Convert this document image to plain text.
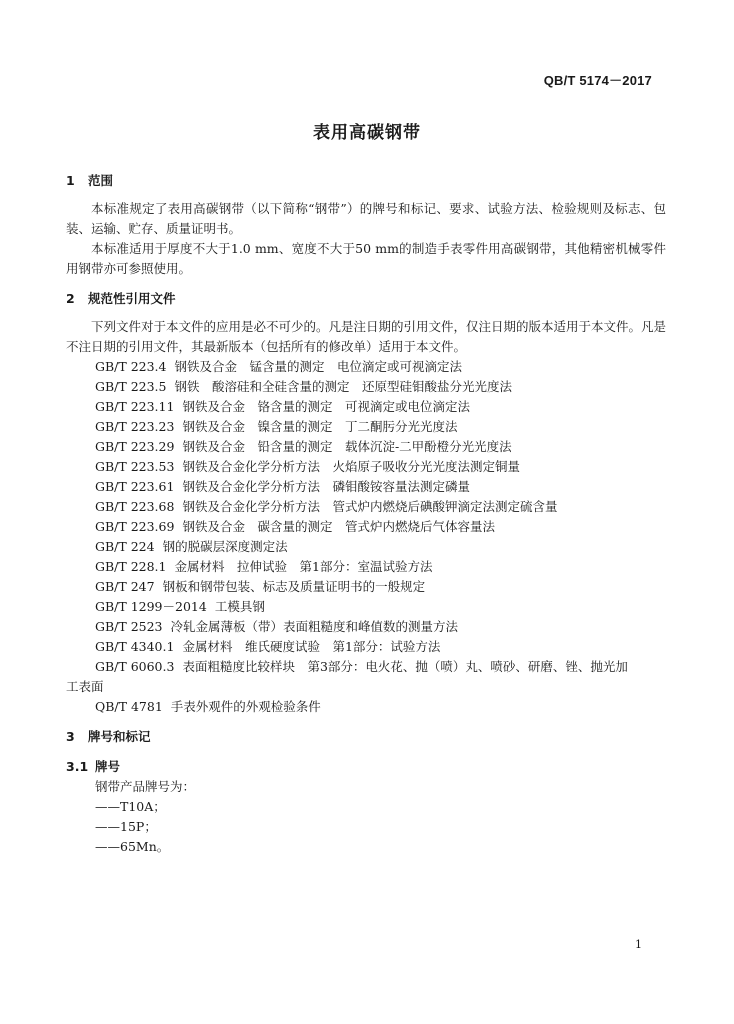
QB/T 5174－2017
表用高碳钢带
1 范围
本标准规定了表用高碳钢带（以下简称“钢带”）的牌号和标记、要求、试验方法、检验规则及标志、包装、运输、贮存、质量证明书。
本标准适用于厚度不大于1.0 mm、宽度不大于50 mm的制造手表零件用高碳钢带，其他精密机械零件用钢带亦可参照使用。
2 规范性引用文件
下列文件对于本文件的应用是必不可少的。凡是注日期的引用文件，仅注日期的版本适用于本文件。凡是不注日期的引用文件，其最新版本（包括所有的修改单）适用于本文件。
GB/T 223.4 钢铁及合金　锰含量的测定　电位滴定或可视滴定法
GB/T 223.5 钢铁　酸溶硅和全硅含量的测定　还原型硅钼酸盐分光光度法
GB/T 223.11 钢铁及合金　铬含量的测定　可视滴定或电位滴定法
GB/T 223.23 钢铁及合金　镍含量的测定　丁二酮肟分光光度法
GB/T 223.29 钢铁及合金　铅含量的测定　载体沉淀-二甲酚橙分光光度法
GB/T 223.53 钢铁及合金化学分析方法　火焰原子吸收分光光度法测定铜量
GB/T 223.61 钢铁及合金化学分析方法　磷钼酸铵容量法测定磷量
GB/T 223.68 钢铁及合金化学分析方法　管式炉内燃烧后碘酸钾滴定法测定硫含量
GB/T 223.69 钢铁及合金　碳含量的测定　管式炉内燃烧后气体容量法
GB/T 224 钢的脱碳层深度测定法
GB/T 228.1 金属材料　拉伸试验　第1部分：室温试验方法
GB/T 247 钢板和钢带包装、标志及质量证明书的一般规定
GB/T 1299－2014 工模具钢
GB/T 2523 冷轧金属薄板（带）表面粗糙度和峰值数的测量方法
GB/T 4340.1 金属材料　维氏硬度试验　第1部分：试验方法
GB/T 6060.3 表面粗糙度比较样块　第3部分：电火花、抛（喷）丸、喷砂、研磨、锉、抛光加
工表面
QB/T 4781 手表外观件的外观检验条件
3 牌号和标记
3.1 牌号
钢带产品牌号为：
——T10A；
——15P；
——65Mn。
1
